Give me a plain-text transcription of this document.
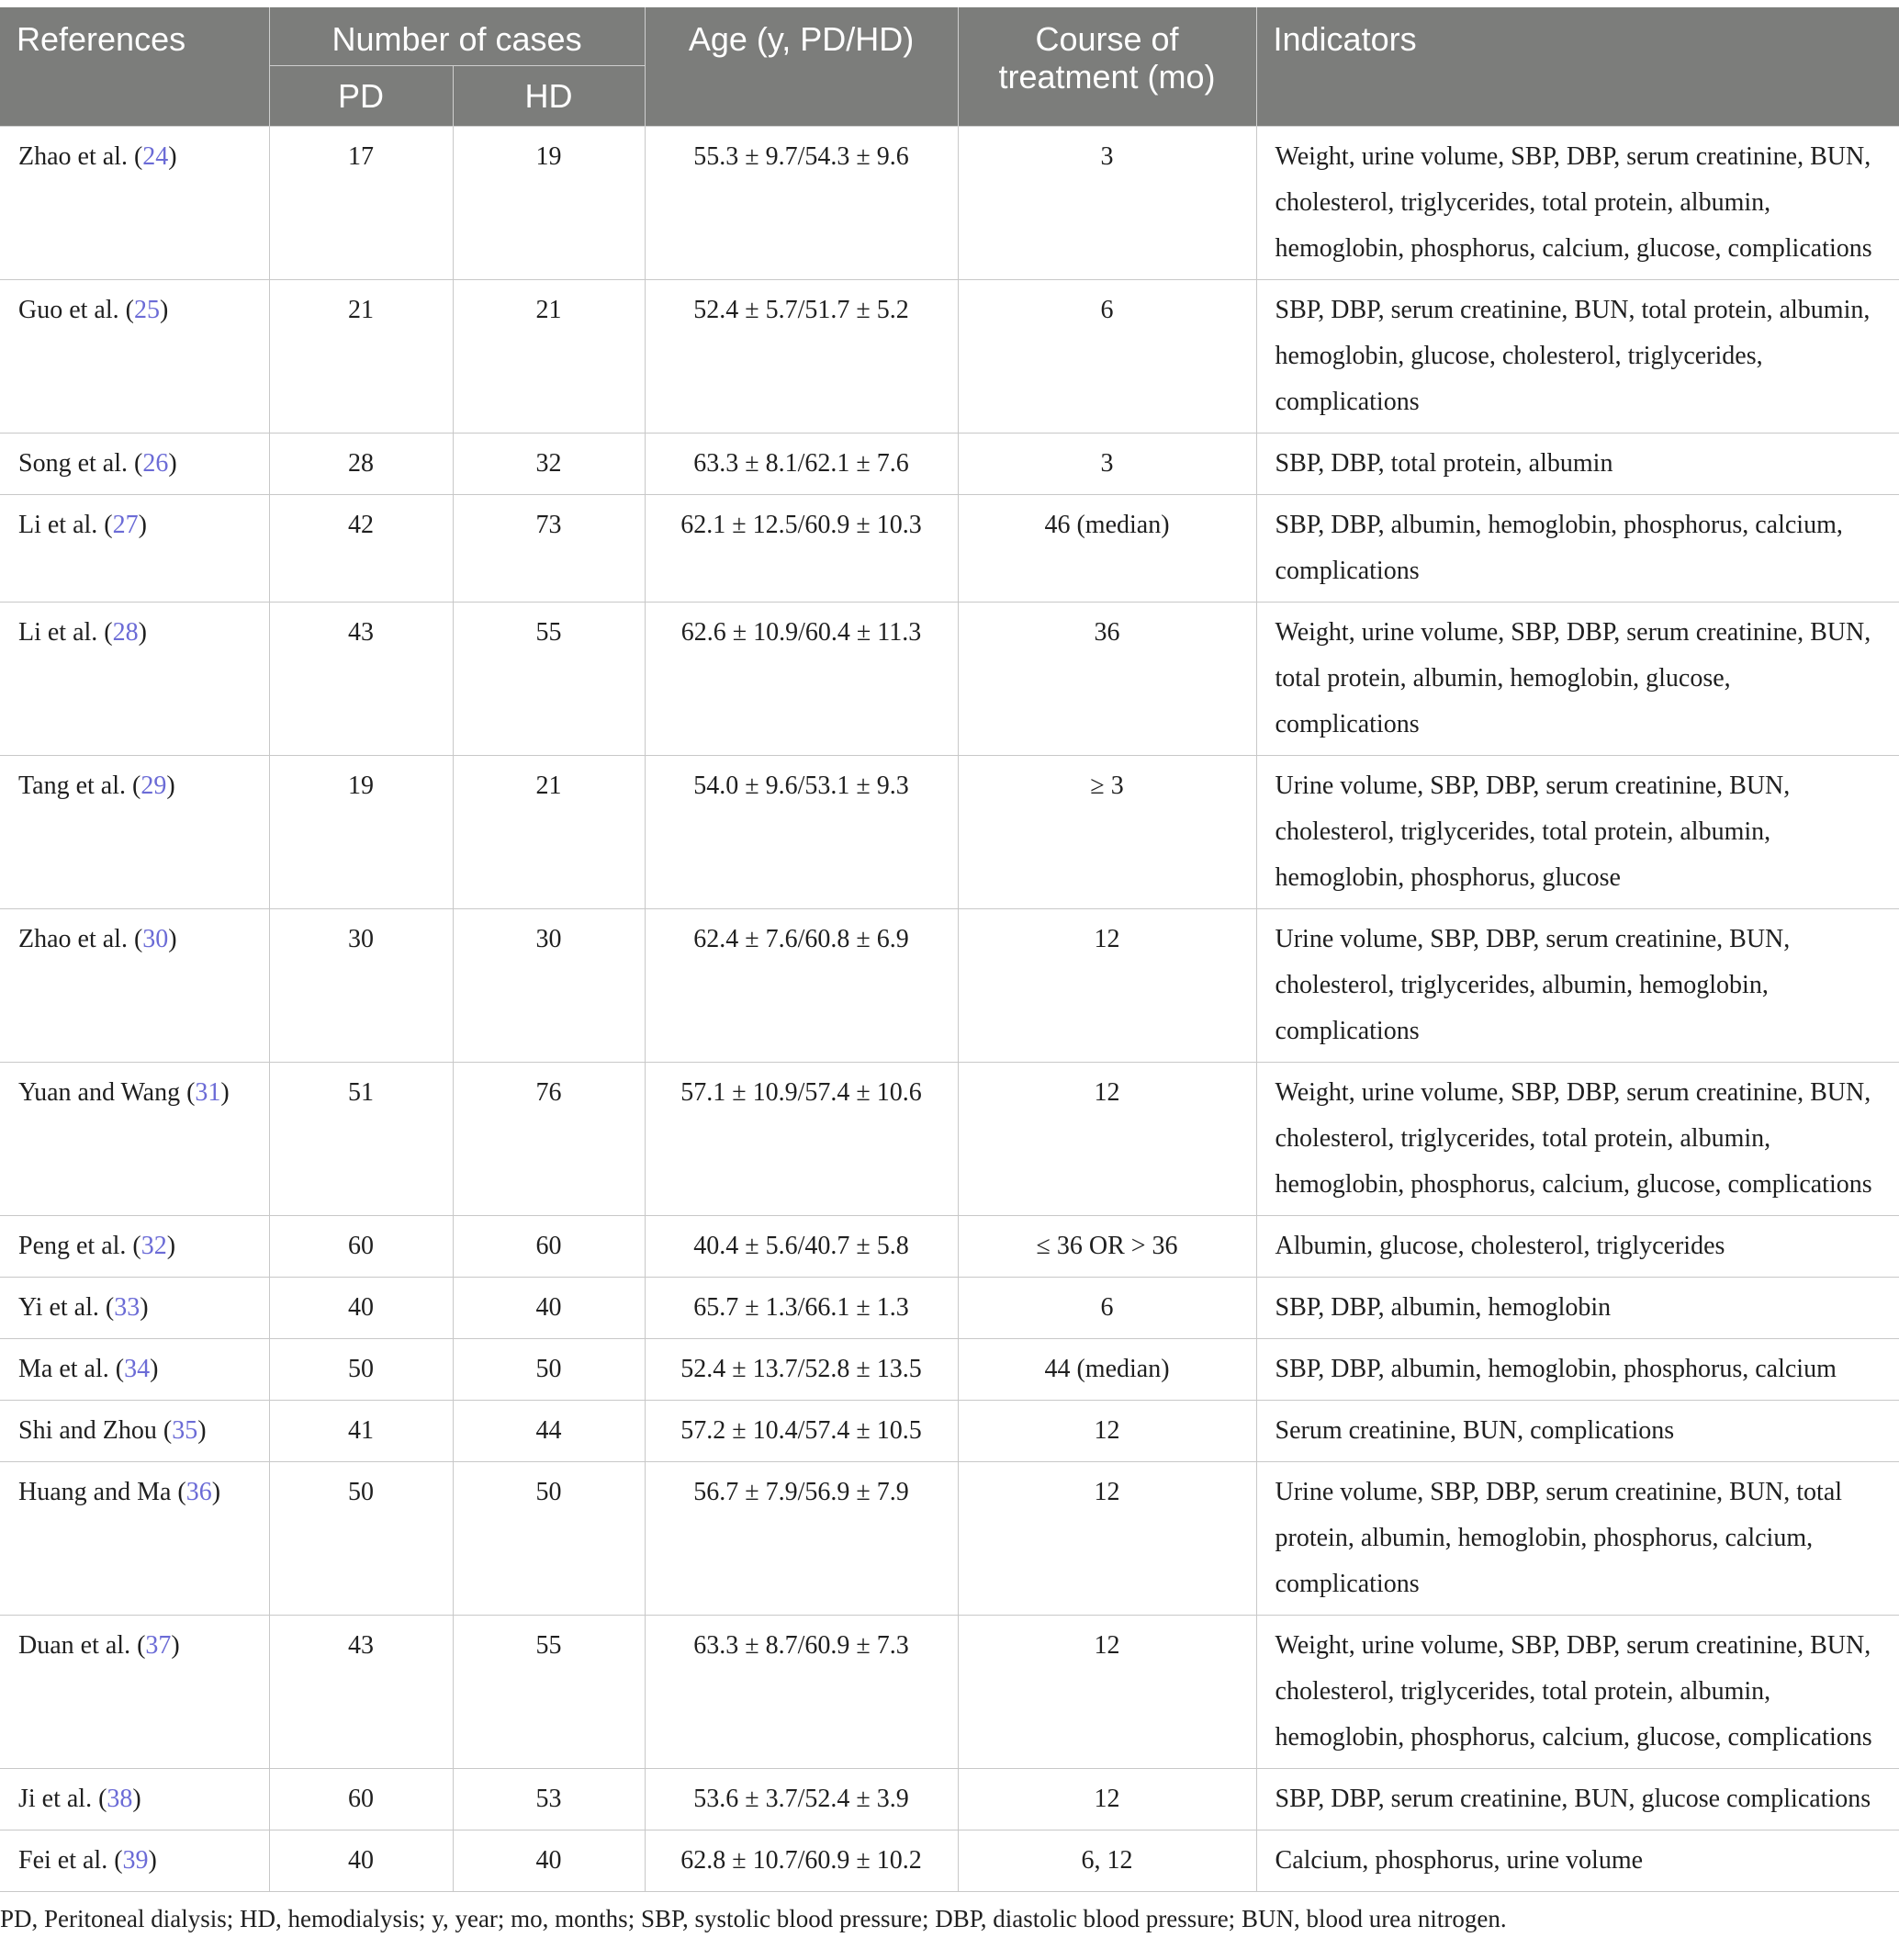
References	Number of cases		Age (y, PD/HD)	Course of treatment (mo)	Indicators
	PD	HD			
Zhao et al. (24)	17	19	55.3 ± 9.7/54.3 ± 9.6	3	Weight, urine volume, SBP, DBP, serum creatinine, BUN, cholesterol, triglycerides, total protein, albumin, hemoglobin, phosphorus, calcium, glucose, complications
Guo et al. (25)	21	21	52.4 ± 5.7/51.7 ± 5.2	6	SBP, DBP, serum creatinine, BUN, total protein, albumin, hemoglobin, glucose, cholesterol, triglycerides, complications
Song et al. (26)	28	32	63.3 ± 8.1/62.1 ± 7.6	3	SBP, DBP, total protein, albumin
Li et al. (27)	42	73	62.1 ± 12.5/60.9 ± 10.3	46 (median)	SBP, DBP, albumin, hemoglobin, phosphorus, calcium, complications
Li et al. (28)	43	55	62.6 ± 10.9/60.4 ± 11.3	36	Weight, urine volume, SBP, DBP, serum creatinine, BUN, total protein, albumin, hemoglobin, glucose, complications
Tang et al. (29)	19	21	54.0 ± 9.6/53.1 ± 9.3	≥ 3	Urine volume, SBP, DBP, serum creatinine, BUN, cholesterol, triglycerides, total protein, albumin, hemoglobin, phosphorus, glucose
Zhao et al. (30)	30	30	62.4 ± 7.6/60.8 ± 6.9	12	Urine volume, SBP, DBP, serum creatinine, BUN, cholesterol, triglycerides, albumin, hemoglobin, complications
Yuan and Wang (31)	51	76	57.1 ± 10.9/57.4 ± 10.6	12	Weight, urine volume, SBP, DBP, serum creatinine, BUN, cholesterol, triglycerides, total protein, albumin, hemoglobin, phosphorus, calcium, glucose, complications
Peng et al. (32)	60	60	40.4 ± 5.6/40.7 ± 5.8	≤ 36 OR > 36	Albumin, glucose, cholesterol, triglycerides
Yi et al. (33)	40	40	65.7 ± 1.3/66.1 ± 1.3	6	SBP, DBP, albumin, hemoglobin
Ma et al. (34)	50	50	52.4 ± 13.7/52.8 ± 13.5	44 (median)	SBP, DBP, albumin, hemoglobin, phosphorus, calcium
Shi and Zhou (35)	41	44	57.2 ± 10.4/57.4 ± 10.5	12	Serum creatinine, BUN, complications
Huang and Ma (36)	50	50	56.7 ± 7.9/56.9 ± 7.9	12	Urine volume, SBP, DBP, serum creatinine, BUN, total protein, albumin, hemoglobin, phosphorus, calcium, complications
Duan et al. (37)	43	55	63.3 ± 8.7/60.9 ± 7.3	12	Weight, urine volume, SBP, DBP, serum creatinine, BUN, cholesterol, triglycerides, total protein, albumin, hemoglobin, phosphorus, calcium, glucose, complications
Ji et al. (38)	60	53	53.6 ± 3.7/52.4 ± 3.9	12	SBP, DBP, serum creatinine, BUN, glucose complications
Fei et al. (39)	40	40	62.8 ± 10.7/60.9 ± 10.2	6, 12	Calcium, phosphorus, urine volume
PD, Peritoneal dialysis; HD, hemodialysis; y, year; mo, months; SBP, systolic blood pressure; DBP, diastolic blood pressure; BUN, blood urea nitrogen.
